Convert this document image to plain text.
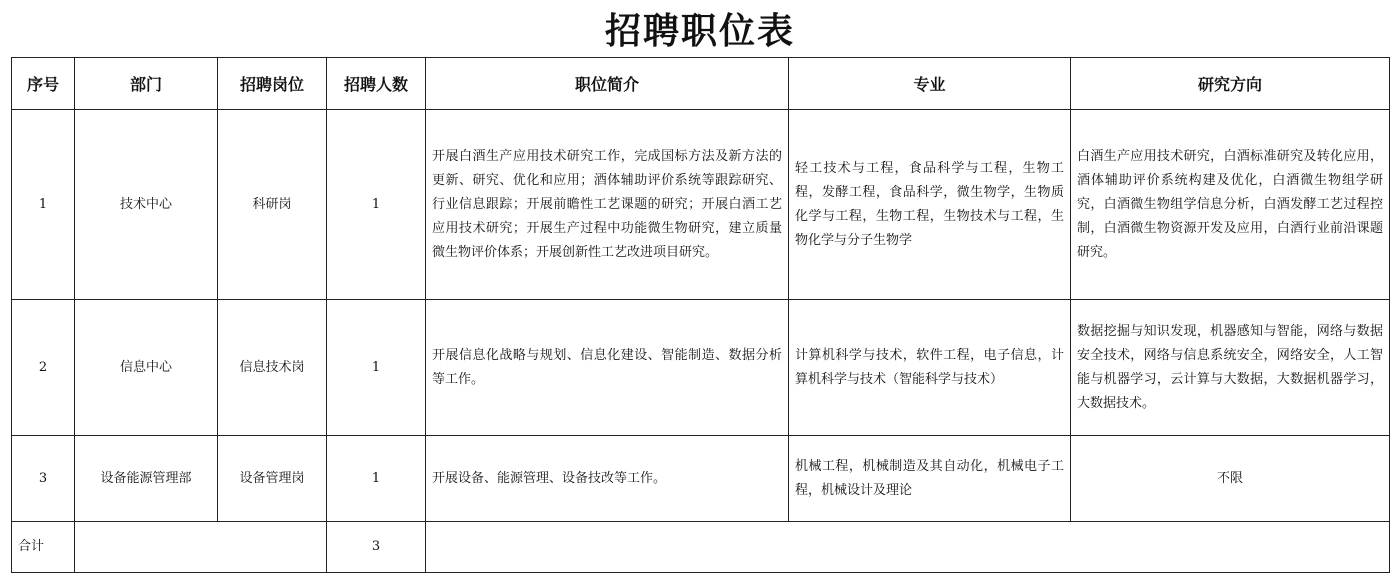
招聘职位表
序号	部门	招聘岗位	招聘人数	职位简介	专业	研究方向
1	技术中心	科研岗	1	开展白酒生产应用技术研究工作，完成国标方法及新方法的更新、研究、优化和应用；酒体辅助评价系统等跟踪研究、行业信息跟踪；开展前瞻性工艺课题的研究；开展白酒工艺应用技术研究；开展生产过程中功能微生物研究，建立质量微生物评价体系；开展创新性工艺改进项目研究。	轻工技术与工程，食品科学与工程，生物工程，发酵工程，食品科学，微生物学，生物质化学与工程，生物工程，生物技术与工程，生物化学与分子生物学	白酒生产应用技术研究，白酒标准研究及转化应用，酒体辅助评价系统构建及优化，白酒微生物组学研究，白酒微生物组学信息分析，白酒发酵工艺过程控制，白酒微生物资源开发及应用，白酒行业前沿课题研究。
2	信息中心	信息技术岗	1	开展信息化战略与规划、信息化建设、智能制造、数据分析等工作。	计算机科学与技术，软件工程，电子信息，计算机科学与技术（智能科学与技术）	数据挖掘与知识发现，机器感知与智能，网络与数据安全技术，网络与信息系统安全，网络安全，人工智能与机器学习，云计算与大数据，大数据机器学习，大数据技术。
3	设备能源管理部	设备管理岗	1	开展设备、能源管理、设备技改等工作。	机械工程，机械制造及其自动化，机械电子工程，机械设计及理论	不限
合计			3			
